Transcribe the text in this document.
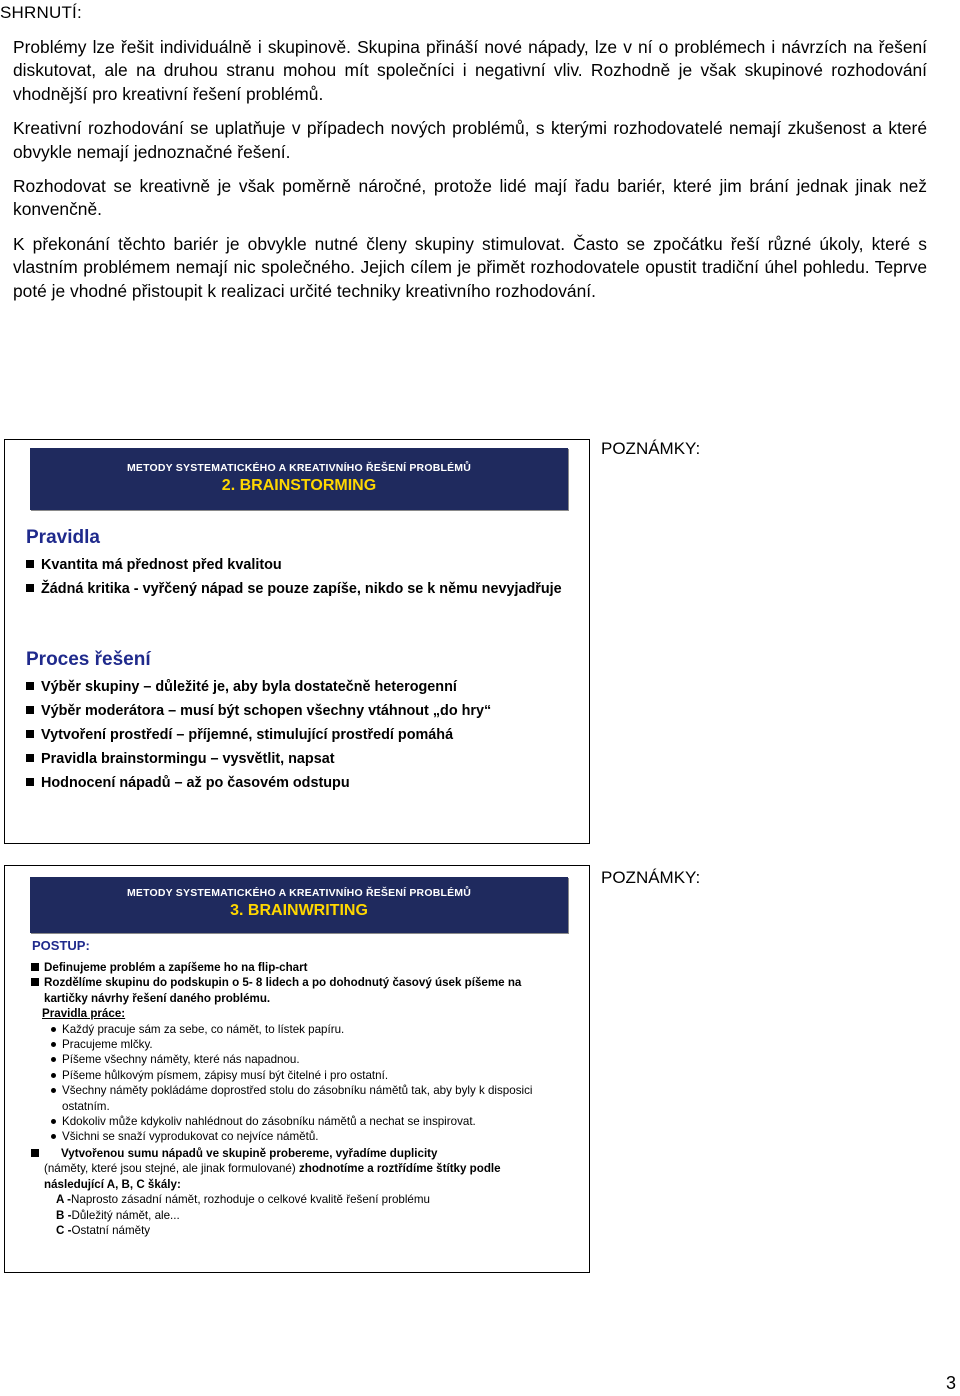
SHRNUTÍ:

Problémy lze řešit individuálně i skupinově. Skupina přináší nové nápady, lze v ní o problémech i návrzích na řešení diskutovat, ale na druhou stranu mohou mít společníci i negativní vliv. Rozhodně je však skupinové rozhodování vhodnější pro kreativní řešení problémů.

Kreativní rozhodování se uplatňuje v případech nových problémů, s kterými rozhodovatelé nemají zkušenost a které obvykle nemají jednoznačné řešení.

Rozhodovat se kreativně je však poměrně náročné, protože lidé mají řadu bariér, které jim brání jednak jinak než konvenčně.

K překonání těchto bariér je obvykle nutné členy skupiny stimulovat. Často se zpočátku řeší různé úkoly, které s vlastním problémem nemají nic společného. Jejich cílem je přimět rozhodovatele opustit tradiční úhel pohledu. Teprve poté je vhodné přistoupit k realizaci určité techniky kreativního rozhodování.

METODY SYSTEMATICKÉHO A KREATIVNÍHO ŘEŠENÍ PROBLÉMŮ
2. BRAINSTORMING
Pravidla
Kvantita má přednost před kvalitou
Žádná kritika - vyřčený nápad se pouze zapíše, nikdo se k němu nevyjadřuje
Proces řešení
Výběr skupiny – důležité je, aby byla dostatečně heterogenní
Výběr moderátora – musí být schopen všechny vtáhnout „do hry“
Vytvoření prostředí – příjemné, stimulující prostředí pomáhá
Pravidla brainstormingu – vysvětlit, napsat
Hodnocení nápadů – až po časovém odstupu
POZNÁMKY:
METODY SYSTEMATICKÉHO A KREATIVNÍHO ŘEŠENÍ PROBLÉMŮ
3. BRAINWRITING
POSTUP:
Definujeme problém a zapíšeme ho na flip-chart
Rozdělíme skupinu do podskupin o 5- 8 lidech a po dohodnutý časový úsek píšeme na kartičky návrhy řešení daného problému.
Pravidla práce:
Každý pracuje sám za sebe, co námět, to lístek papíru.
Pracujeme mlčky.
Píšeme všechny náměty, které nás napadnou.
Píšeme hůlkovým písmem, zápisy musí být čitelné i pro ostatní.
Všechny náměty pokládáme doprostřed stolu do zásobníku námětů tak, aby byly k disposici ostatním.
Kdokoliv může kdykoliv nahlédnout do zásobníku námětů a nechat se inspirovat.
Všichni se snaží vyprodukovat co nejvíce námětů.
Vytvořenou sumu nápadů ve skupině probereme, vyřadíme duplicity
(náměty, které jsou stejné, ale jinak formulované) zhodnotíme a roztřídíme štítky podle následující A, B, C škály:
A -Naprosto zásadní námět, rozhoduje o celkové kvalitě řešení problému
B -Důležitý námět, ale...
C -Ostatní náměty
POZNÁMKY:
3
